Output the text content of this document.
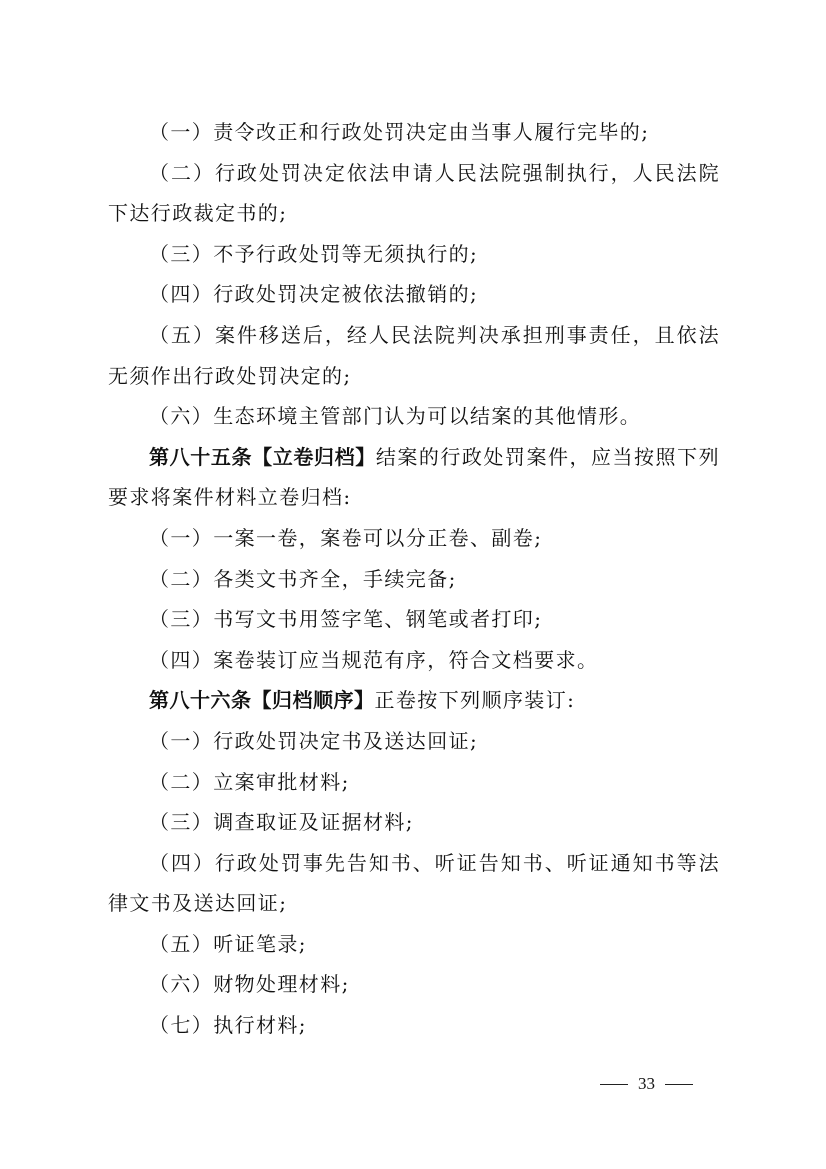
（一）责令改正和行政处罚决定由当事人履行完毕的;

（二）行政处罚决定依法申请人民法院强制执行，人民法院下达行政裁定书的;

（三）不予行政处罚等无须执行的;

（四）行政处罚决定被依法撤销的;

（五）案件移送后，经人民法院判决承担刑事责任，且依法无须作出行政处罚决定的;

（六）生态环境主管部门认为可以结案的其他情形。

第八十五条【立卷归档】结案的行政处罚案件，应当按照下列要求将案件材料立卷归档:

（一）一案一卷，案卷可以分正卷、副卷;

（二）各类文书齐全，手续完备;

（三）书写文书用签字笔、钢笔或者打印;

（四）案卷装订应当规范有序，符合文档要求。

第八十六条【归档顺序】正卷按下列顺序装订:

（一）行政处罚决定书及送达回证;

（二）立案审批材料;

（三）调查取证及证据材料;

（四）行政处罚事先告知书、听证告知书、听证通知书等法律文书及送达回证;

（五）听证笔录;

（六）财物处理材料;

（七）执行材料;

33
